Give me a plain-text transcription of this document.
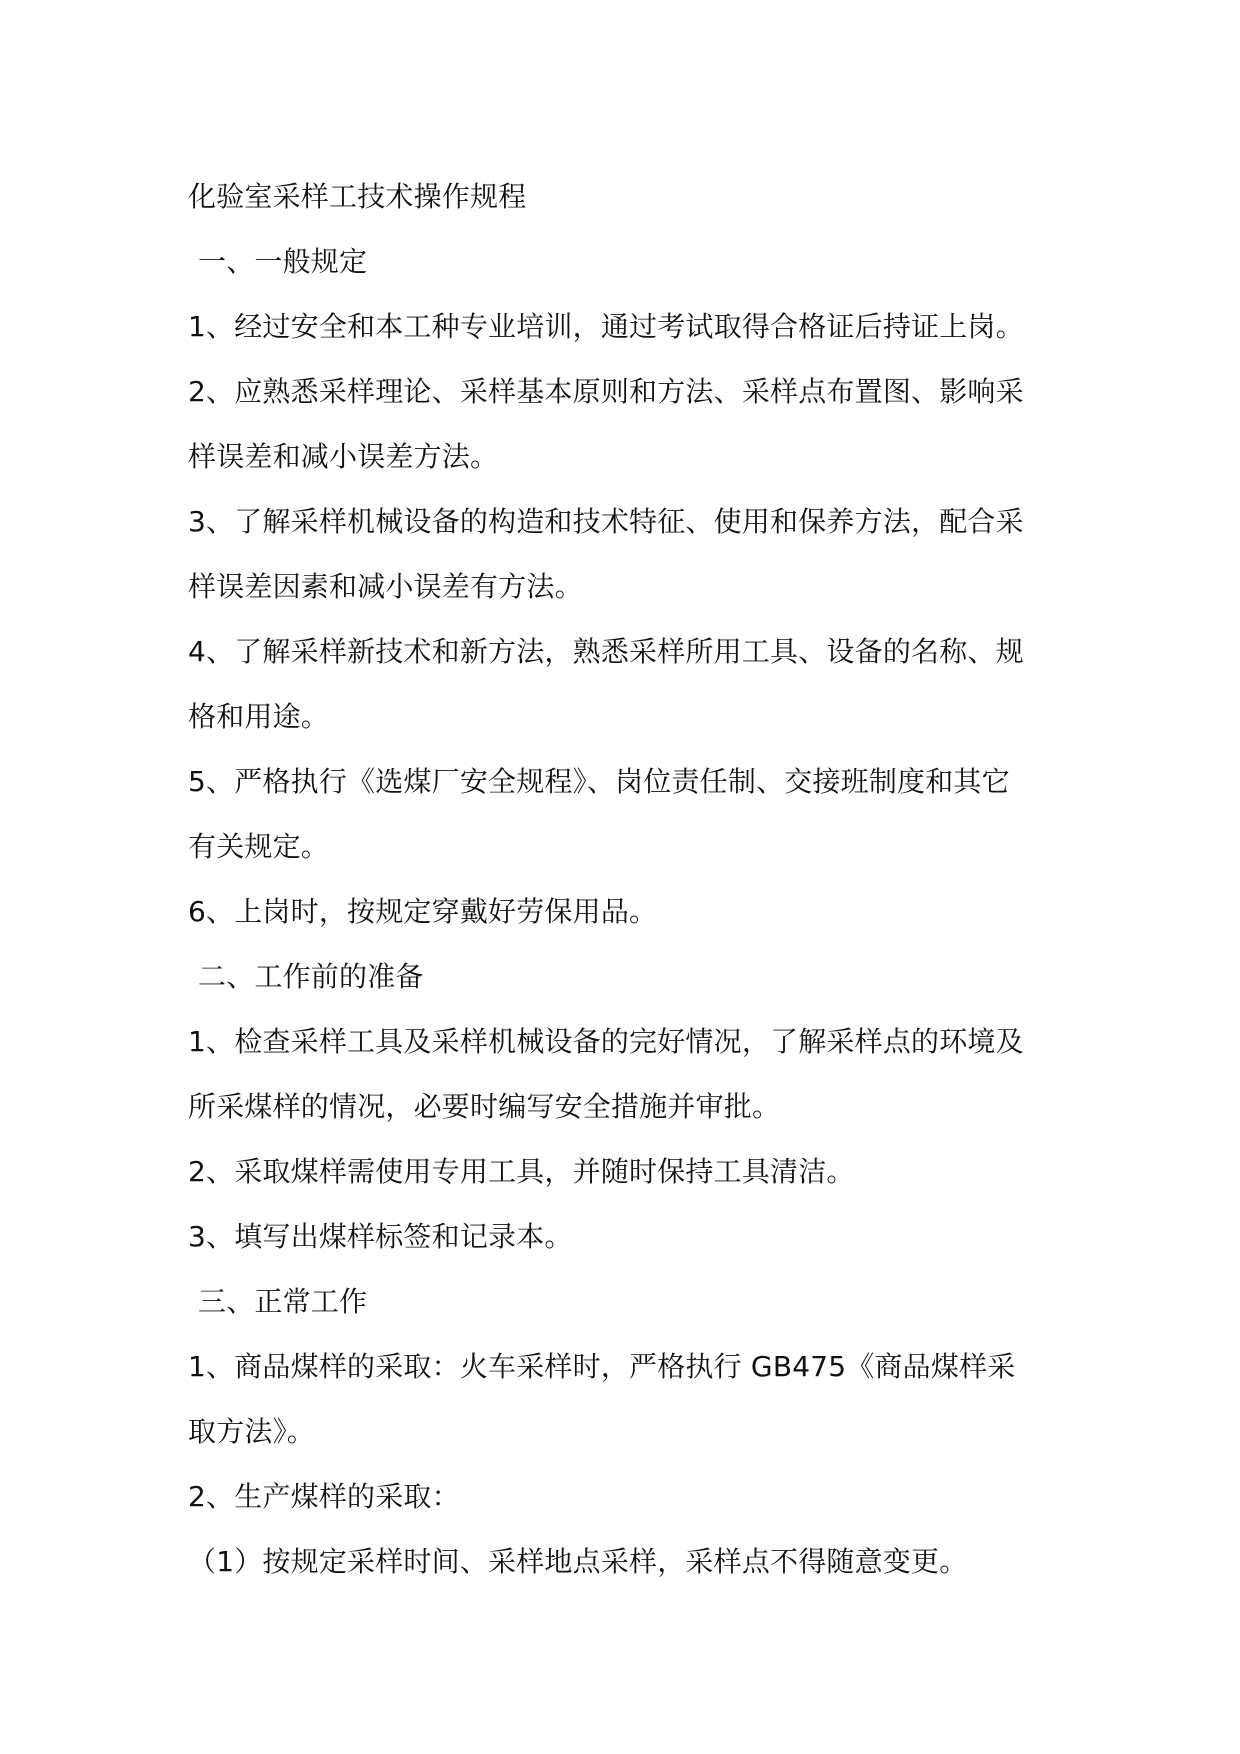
化验室采样工技术操作规程
一、一般规定
1、经过安全和本工种专业培训，通过考试取得合格证后持证上岗。
2、应熟悉采样理论、采样基本原则和方法、采样点布置图、影响采
样误差和减小误差方法。
3、了解采样机械设备的构造和技术特征、使用和保养方法，配合采
样误差因素和减小误差有方法。
4、了解采样新技术和新方法，熟悉采样所用工具、设备的名称、规
格和用途。
5、严格执行《选煤厂安全规程》、岗位责任制、交接班制度和其它
有关规定。
6、上岗时，按规定穿戴好劳保用品。
二、工作前的准备
1、检查采样工具及采样机械设备的完好情况，了解采样点的环境及
所采煤样的情况，必要时编写安全措施并审批。
2、采取煤样需使用专用工具，并随时保持工具清洁。
3、填写出煤样标签和记录本。
三、正常工作
1、商品煤样的采取：火车采样时，严格执行 GB475《商品煤样采
取方法》。
2、生产煤样的采取：
（1）按规定采样时间、采样地点采样，采样点不得随意变更。
